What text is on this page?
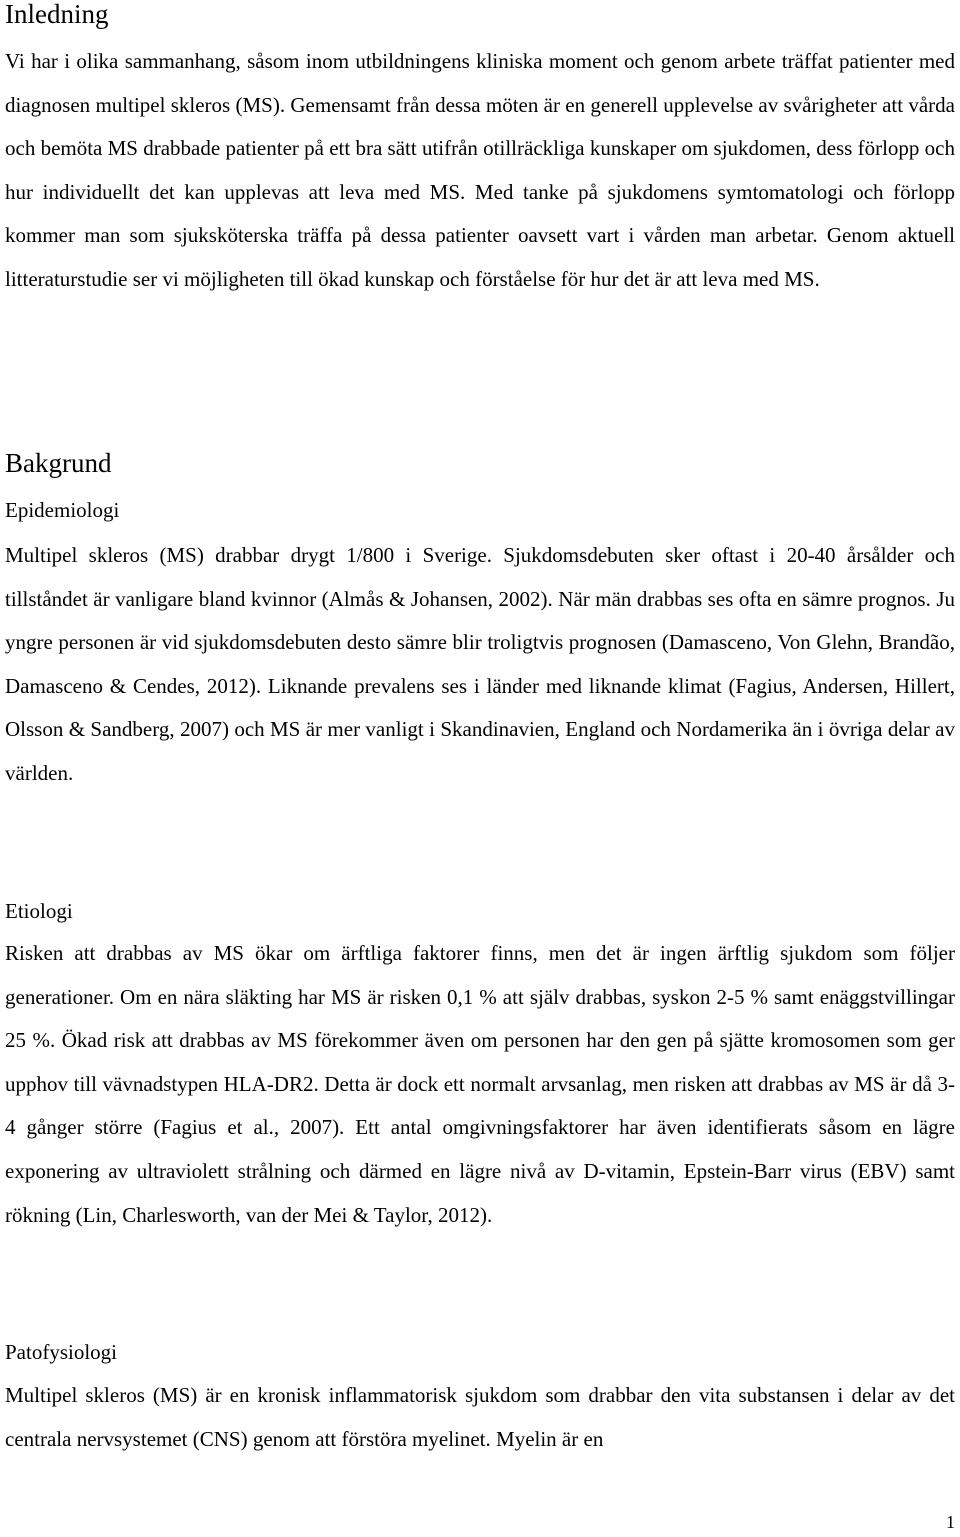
Inledning

Vi har i olika sammanhang, såsom inom utbildningens kliniska moment och genom arbete träffat patienter med diagnosen multipel skleros (MS). Gemensamt från dessa möten är en generell upplevelse av svårigheter att vårda och bemöta MS drabbade patienter på ett bra sätt utifrån otillräckliga kunskaper om sjukdomen, dess förlopp och hur individuellt det kan upplevas att leva med MS. Med tanke på sjukdomens symtomatologi och förlopp kommer man som sjuksköterska träffa på dessa patienter oavsett vart i vården man arbetar. Genom aktuell litteraturstudie ser vi möjligheten till ökad kunskap och förståelse för hur det är att leva med MS.

Bakgrund
Epidemiologi

Multipel skleros (MS) drabbar drygt 1/800 i Sverige. Sjukdomsdebuten sker oftast i 20-40 årsålder och tillståndet är vanligare bland kvinnor (Almås & Johansen, 2002). När män drabbas ses ofta en sämre prognos. Ju yngre personen är vid sjukdomsdebuten desto sämre blir troligtvis prognosen (Damasceno, Von Glehn, Brandão, Damasceno & Cendes, 2012). Liknande prevalens ses i länder med liknande klimat (Fagius, Andersen, Hillert, Olsson & Sandberg, 2007) och MS är mer vanligt i Skandinavien, England och Nordamerika än i övriga delar av världen.

Etiologi

Risken att drabbas av MS ökar om ärftliga faktorer finns, men det är ingen ärftlig sjukdom som följer generationer. Om en nära släkting har MS är risken 0,1 % att själv drabbas, syskon 2-5 % samt enäggstvillingar 25 %. Ökad risk att drabbas av MS förekommer även om personen har den gen på sjätte kromosomen som ger upphov till vävnadstypen HLA-DR2. Detta är dock ett normalt arvsanlag, men risken att drabbas av MS är då 3-4 gånger större (Fagius et al., 2007). Ett antal omgivningsfaktorer har även identifierats såsom en lägre exponering av ultraviolett strålning och därmed en lägre nivå av D-vitamin, Epstein-Barr virus (EBV) samt rökning (Lin, Charlesworth, van der Mei & Taylor, 2012).

Patofysiologi

Multipel skleros (MS) är en kronisk inflammatorisk sjukdom som drabbar den vita substansen i delar av det centrala nervsystemet (CNS) genom att förstöra myelinet. Myelin är en

1
